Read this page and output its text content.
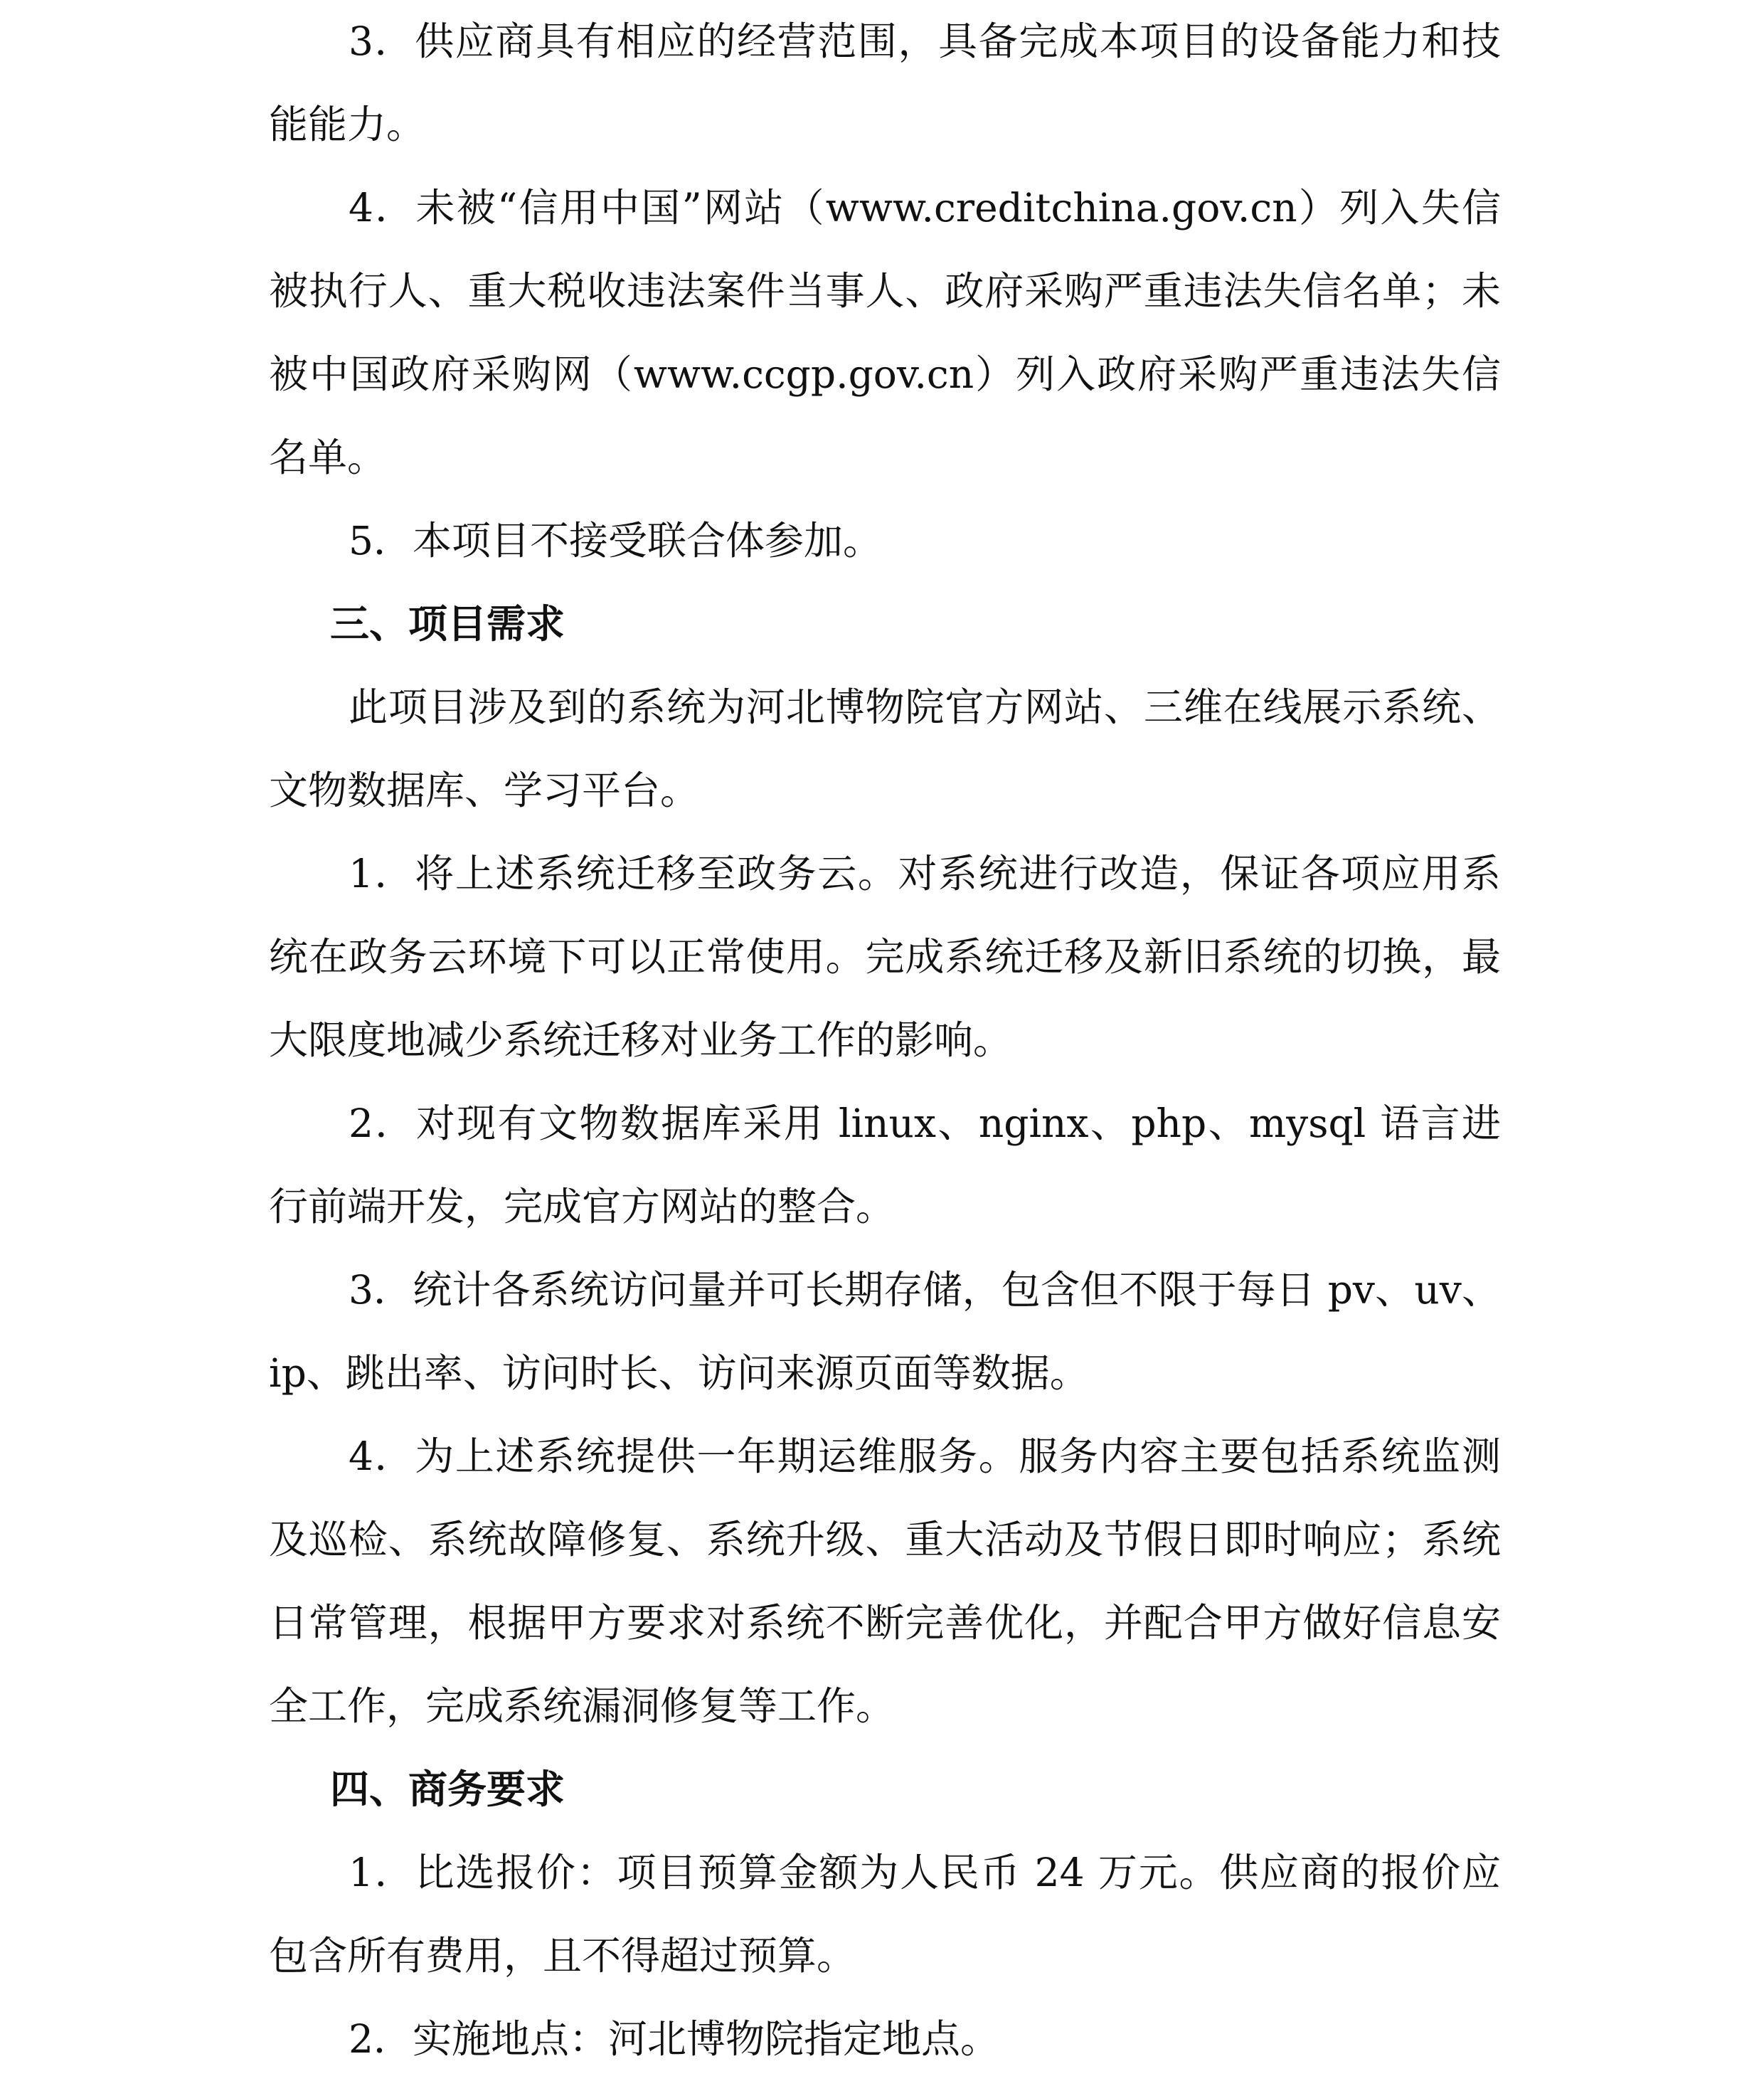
3．供应商具有相应的经营范围，具备完成本项目的设备能力和技能能力。

4．未被“信用中国”网站（www.creditchina.gov.cn）列入失信被执行人、重大税收违法案件当事人、政府采购严重违法失信名单；未被中国政府采购网（www.ccgp.gov.cn）列入政府采购严重违法失信名单。

5．本项目不接受联合体参加。

三、项目需求

此项目涉及到的系统为河北博物院官方网站、三维在线展示系统、文物数据库、学习平台。

1．将上述系统迁移至政务云。对系统进行改造，保证各项应用系统在政务云环境下可以正常使用。完成系统迁移及新旧系统的切换，最大限度地减少系统迁移对业务工作的影响。

2．对现有文物数据库采用 linux、nginx、php、mysql 语言进行前端开发，完成官方网站的整合。

3．统计各系统访问量并可长期存储，包含但不限于每日 pv、uv、ip、跳出率、访问时长、访问来源页面等数据。

4．为上述系统提供一年期运维服务。服务内容主要包括系统监测及巡检、系统故障修复、系统升级、重大活动及节假日即时响应；系统日常管理，根据甲方要求对系统不断完善优化，并配合甲方做好信息安全工作，完成系统漏洞修复等工作。

四、商务要求

1．比选报价：项目预算金额为人民币 24 万元。供应商的报价应包含所有费用，且不得超过预算。

2．实施地点：河北博物院指定地点。
